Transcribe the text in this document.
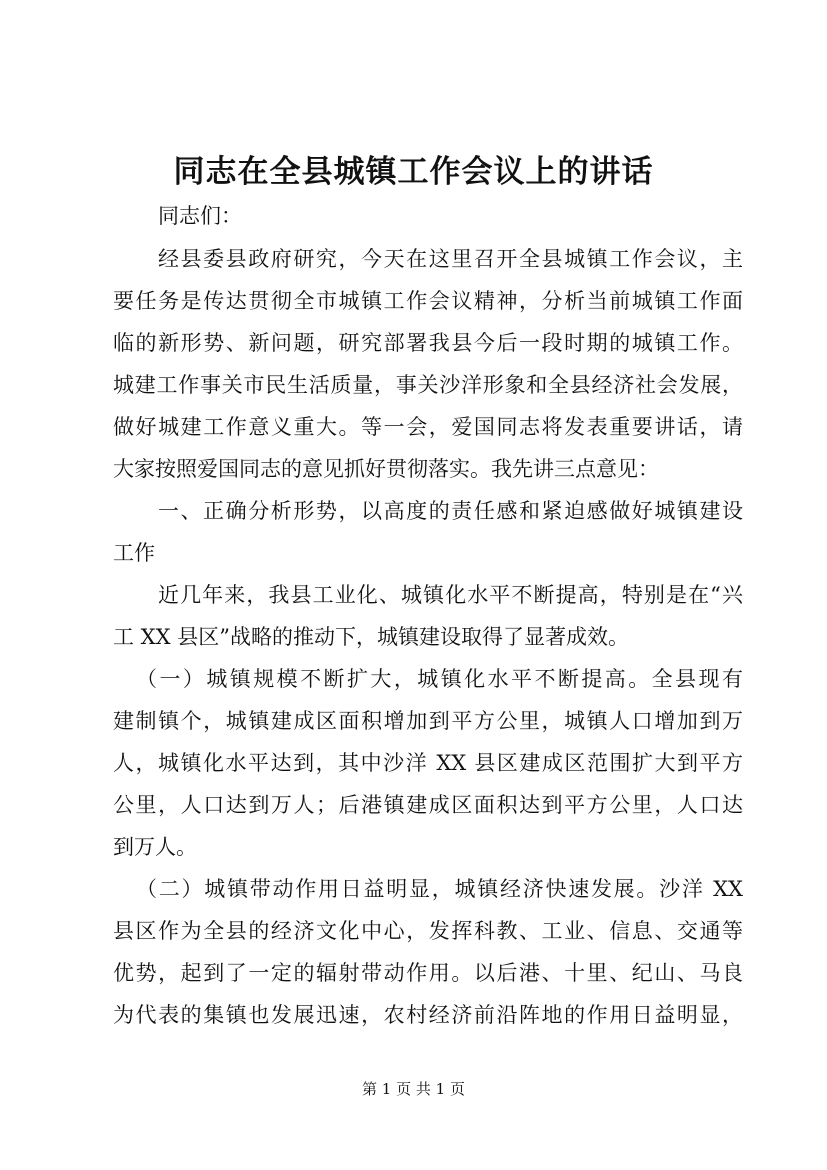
同志在全县城镇工作会议上的讲话
同志们：
经县委县政府研究，今天在这里召开全县城镇工作会议，主
要任务是传达贯彻全市城镇工作会议精神，分析当前城镇工作面
临的新形势、新问题，研究部署我县今后一段时期的城镇工作。
城建工作事关市民生活质量，事关沙洋形象和全县经济社会发展，
做好城建工作意义重大。等一会，爱国同志将发表重要讲话，请
大家按照爱国同志的意见抓好贯彻落实。我先讲三点意见：
一、正确分析形势，以高度的责任感和紧迫感做好城镇建设
工作
近几年来，我县工业化、城镇化水平不断提高，特别是在“兴
工 XX 县区”战略的推动下，城镇建设取得了显著成效。
（一）城镇规模不断扩大，城镇化水平不断提高。全县现有
建制镇个，城镇建成区面积增加到平方公里，城镇人口增加到万
人，城镇化水平达到，其中沙洋 XX 县区建成区范围扩大到平方
公里，人口达到万人；后港镇建成区面积达到平方公里，人口达
到万人。
（二）城镇带动作用日益明显，城镇经济快速发展。沙洋 XX
县区作为全县的经济文化中心，发挥科教、工业、信息、交通等
优势，起到了一定的辐射带动作用。以后港、十里、纪山、马良
为代表的集镇也发展迅速，农村经济前沿阵地的作用日益明显，
第 1 页 共 1 页
